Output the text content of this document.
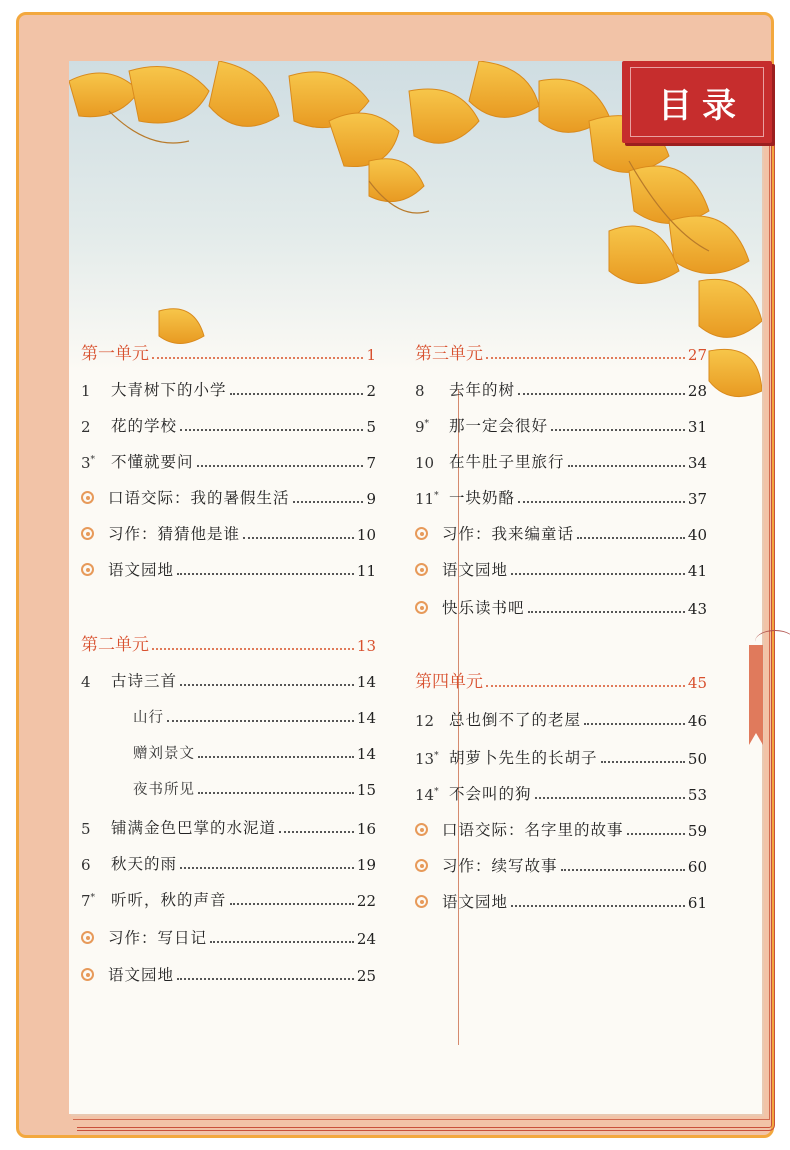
目录
第一单元	1
1	大青树下的小学	2
2	花的学校	5
3*	不懂就要问	7
口语交际：我的暑假生活	9
习作：猜猜他是谁	10
语文园地	11
第二单元	13
4	古诗三首	14
山行	14
赠刘景文	14
夜书所见	15
5	铺满金色巴掌的水泥道	16
6	秋天的雨	19
7*	听听，秋的声音	22
习作：写日记	24
语文园地	25
第三单元	27
8	去年的树	28
9*	那一定会很好	31
10 在牛肚子里旅行	34
11* 一块奶酪	37
习作：我来编童话	40
语文园地	41
快乐读书吧	43
第四单元	45
12 总也倒不了的老屋	46
13* 胡萝卜先生的长胡子	50
14* 不会叫的狗	53
口语交际：名字里的故事	59
习作：续写故事	60
语文园地	61
